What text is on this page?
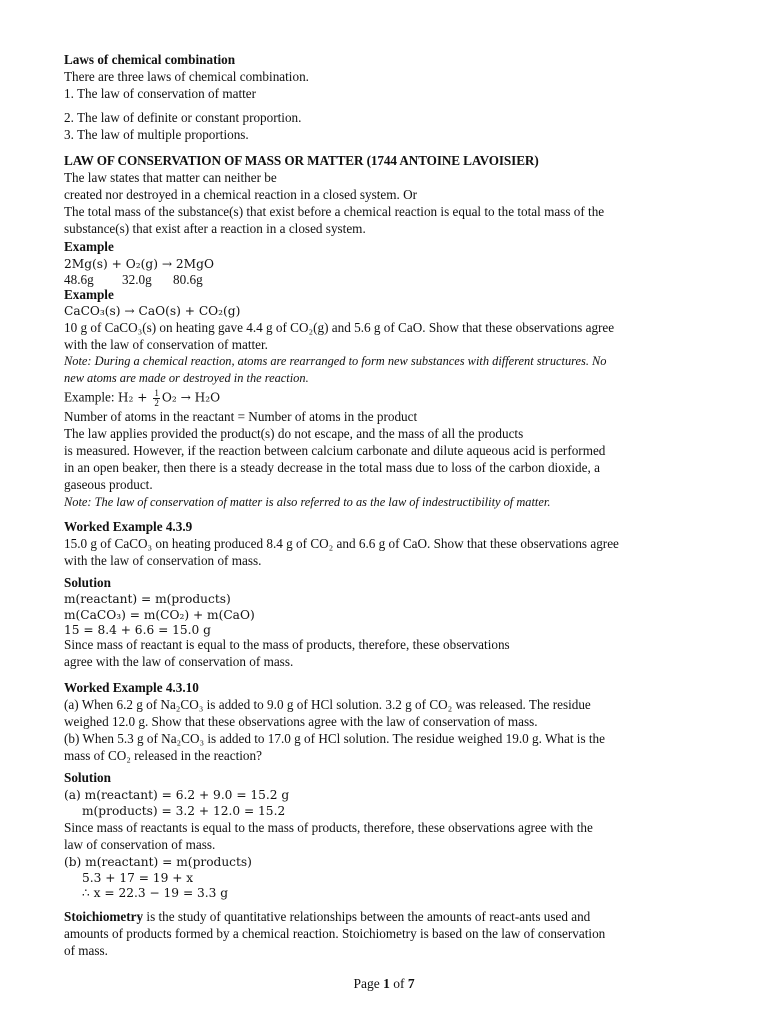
Laws of chemical combination
There are three laws of chemical combination.
1. The law of conservation of matter
2. The law of definite or constant proportion.
3. The law of multiple proportions.
LAW OF CONSERVATION OF MASS OR MATTER (1744 ANTOINE LAVOISIER)
The law states that matter can neither be
created nor destroyed in a chemical reaction in a closed system. Or
The total mass of the substance(s) that exist before a chemical reaction is equal to the total mass of the
substance(s) that exist after a reaction in a closed system.
Example
2Mg(s) + O₂(g) → 2MgO
48.6g 32.0g 80.6g
Example
CaCO₃(s) → CaO(s) + CO₂(g)
10 g of CaCO₃(s) on heating gave 4.4 g of CO₂(g) and 5.6 g of CaO. Show that these observations agree
with the law of conservation of matter.
Note: During a chemical reaction, atoms are rearranged to form new substances with different structures. No
new atoms are made or destroyed in the reaction.
Example: $H_2 + \frac{1}{2} O_2 \to H_2O$
Number of atoms in the reactant = Number of atoms in the product
The law applies provided the product(s) do not escape, and the mass of all the products
is measured. However, if the reaction between calcium carbonate and dilute aqueous acid is performed
in an open beaker, then there is a steady decrease in the total mass due to loss of the carbon dioxide, a
gaseous product.
Note: The law of conservation of matter is also referred to as the law of indestructibility of matter.
Worked Example 4.3.9
15.0 g of CaCO₃ on heating produced 8.4 g of CO₂ and 6.6 g of CaO. Show that these observations agree
with the law of conservation of mass.
Solution
m(reactant) = m(products)
m(CaCO₃) = m(CO₂) + m(CaO)
15 = 8.4 + 6.6 = 15.0 g
Since mass of reactant is equal to the mass of products, therefore, these observations
agree with the law of conservation of mass.
Worked Example 4.3.10
(a) When 6.2 g of Na₂CO₃ is added to 9.0 g of HCl solution. 3.2 g of CO₂ was released. The residue
weighed 12.0 g. Show that these observations agree with the law of conservation of mass.
(b) When 5.3 g of Na₂CO₃ is added to 17.0 g of HCl solution. The residue weighed 19.0 g. What is the
mass of CO₂ released in the reaction?
Solution
(a) m(reactant) = 6.2 + 9.0 = 15.2 g
m(products) = 3.2 + 12.0 = 15.2
Since mass of reactants is equal to the mass of products, therefore, these observations agree with the
law of conservation of mass.
(b) m(reactant) = m(products)
5.3 + 17 = 19 + x
∴ x = 22.3 − 19 = 3.3 g
Stoichiometry is the study of quantitative relationships between the amounts of react-ants used and
amounts of products formed by a chemical reaction. Stoichiometry is based on the law of conservation
of mass.
Page 1 of 7
